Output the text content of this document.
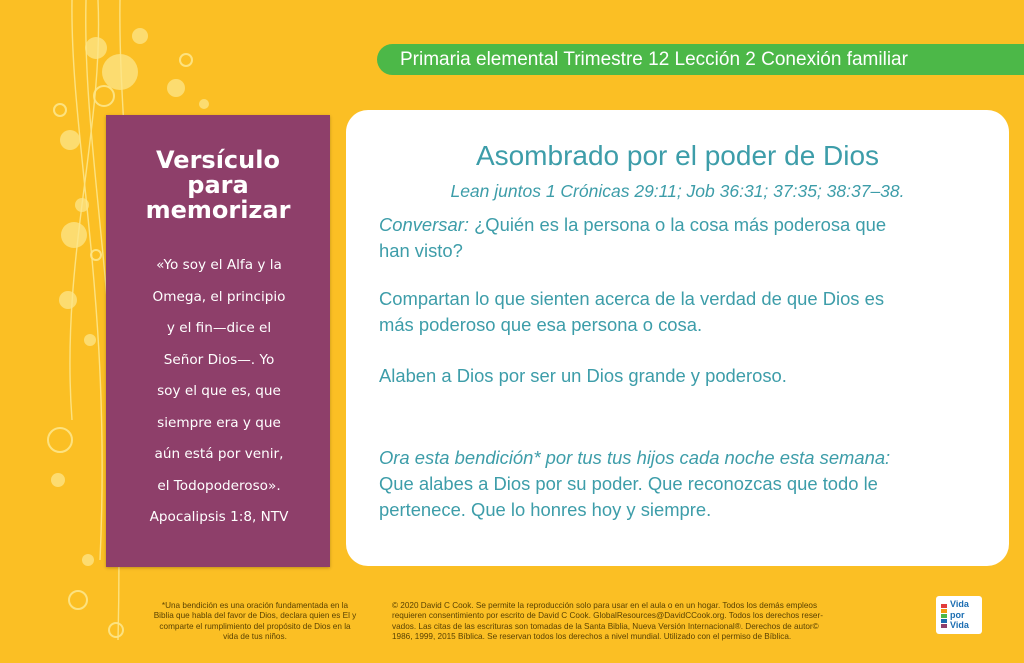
Primaria elemental Trimestre 12 Lección 2 Conexión familiar
Versículo
para
memorizar
«Yo soy el Alfa y la
Omega, el principio
y el fin—dice el
Señor Dios—. Yo
soy el que es, que
siempre era y que
aún está por venir,
el Todopoderoso».
Apocalipsis 1:8, NTV
Asombrado por el poder de Dios
Lean juntos 1 Crónicas 29:11; Job 36:31; 37:35; 38:37–38.
Conversar: ¿Quién es la persona o la cosa más poderosa que
han visto?
Compartan lo que sienten acerca de la verdad de que Dios es
más poderoso que esa persona o cosa.
Alaben a Dios por ser un Dios grande y poderoso.
Ora esta bendición* por tus tus hijos cada noche esta semana:
Que alabes a Dios por su poder. Que reconozcas que todo le
pertenece. Que lo honres hoy y siempre.
*Una bendición es una oración fundamentada en la
Biblia que habla del favor de Dios, declara quien es El y
comparte el rumplimiento del propósito de Dios en la
vida de tus niños.
© 2020 David C Cook. Se permite la reproducción solo para usar en el aula o en un hogar. Todos los demás empleos
requieren consentimiento por escrito de David C Cook. GlobalResources@DavidCCook.org. Todos los derechos reser-
vados. Las citas de las escrituras son tomadas de la Santa Biblia, Nueva Versión Internacional®. Derechos de autor©
1986, 1999, 2015 Bíblica. Se reservan todos los derechos a nivel mundial. Utilizado con el permiso de Bíblica.
Vida
por
Vida
